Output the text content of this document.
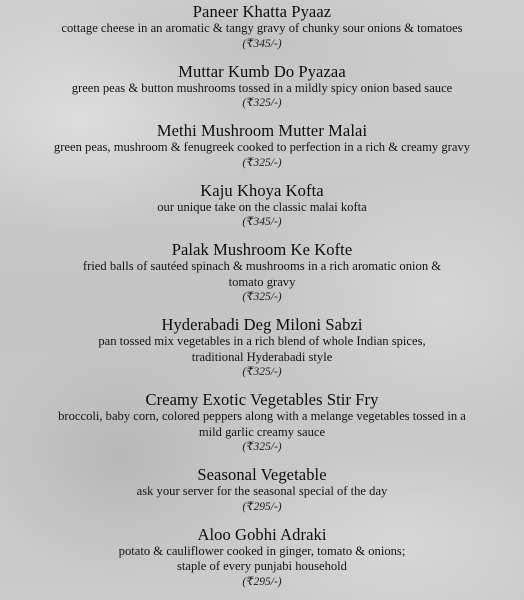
Paneer Khatta Pyaaz
cottage cheese in an aromatic & tangy gravy of chunky sour onions & tomatoes
(₹345/-)
Muttar Kumb Do Pyazaa
green peas & button mushrooms tossed in a mildly spicy onion based sauce
(₹325/-)
Methi Mushroom Mutter Malai
green peas, mushroom & fenugreek cooked to perfection in a rich & creamy gravy
(₹325/-)
Kaju Khoya Kofta
our unique take on the classic malai kofta
(₹345/-)
Palak Mushroom Ke Kofte
fried balls of sautéed spinach & mushrooms in a rich aromatic onion &
tomato gravy
(₹325/-)
Hyderabadi Deg Miloni Sabzi
pan tossed mix vegetables in a rich blend of whole Indian spices,
traditional Hyderabadi style
(₹325/-)
Creamy Exotic Vegetables Stir Fry
broccoli, baby corn, colored peppers along with a melange vegetables tossed in a
mild garlic creamy sauce
(₹325/-)
Seasonal Vegetable
ask your server for the seasonal special of the day
(₹295/-)
Aloo Gobhi Adraki
potato & cauliflower cooked in ginger, tomato & onions;
staple of every punjabi household
(₹295/-)
